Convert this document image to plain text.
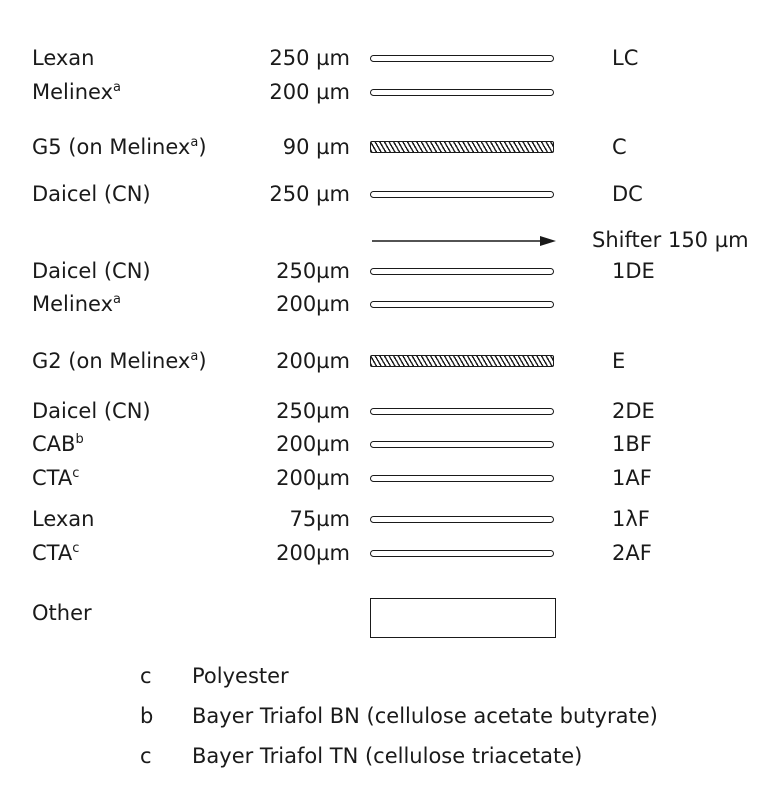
Lexan	250 µm	LC
Melinex$^a$	200 µm
G5 (on Melinex$^a$)	90 µm	C
Daicel (CN)	250 µm	DC
Daicel (CN)	250µm	1DE
Melinex$^a$	200µm
G2 (on Melinex$^a$)	200µm	E
Daicel (CN)	250µm	2DE
CAB$^b$	200µm	1BF
CTA$^c$	200µm	1AF
Lexan	75µm	1λF
CTA$^c$	200µm	2AF
Shifter 150 µm
Other
c Polyester
b Bayer Triafol BN (cellulose acetate butyrate)
c Bayer Triafol TN (cellulose triacetate)
